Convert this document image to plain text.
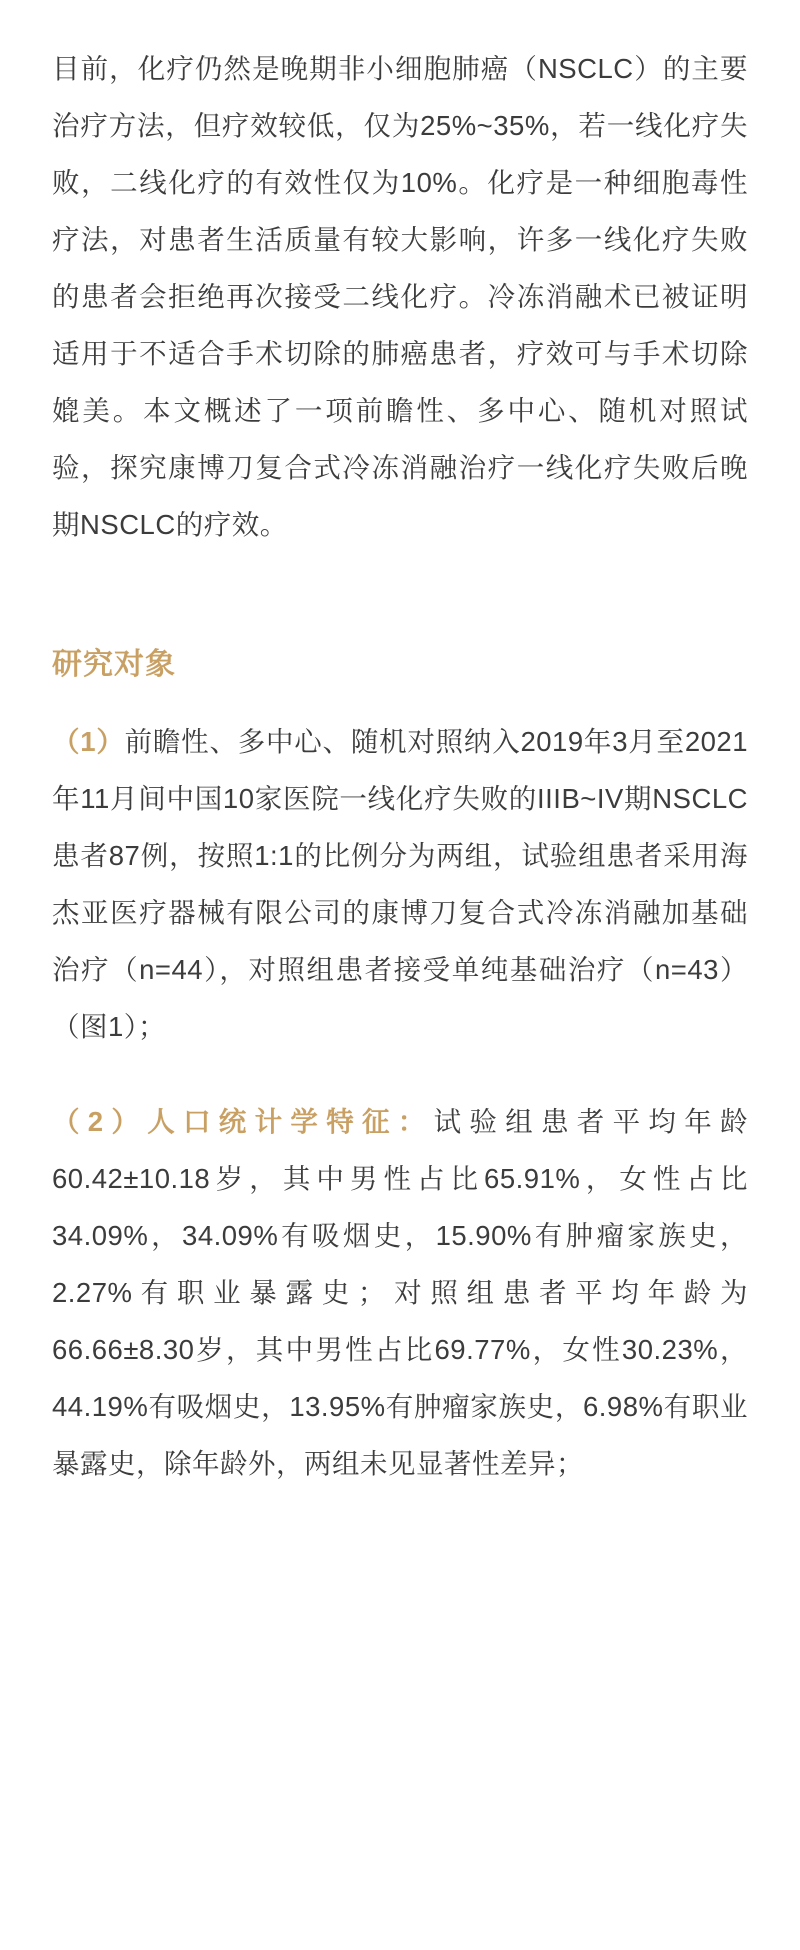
目前，化疗仍然是晚期非小细胞肺癌（NSCLC）的主要治疗方法，但疗效较低，仅为25%~35%，若一线化疗失败，二线化疗的有效性仅为10%。化疗是一种细胞毒性疗法，对患者生活质量有较大影响，许多一线化疗失败的患者会拒绝再次接受二线化疗。冷冻消融术已被证明适用于不适合手术切除的肺癌患者，疗效可与手术切除媲美。本文概述了一项前瞻性、多中心、随机对照试验，探究康博刀复合式冷冻消融治疗一线化疗失败后晚期NSCLC的疗效。

研究对象

（1）前瞻性、多中心、随机对照纳入2019年3月至2021年11月间中国10家医院一线化疗失败的IIIB~IV期NSCLC患者87例，按照1:1的比例分为两组，试验组患者采用海杰亚医疗器械有限公司的康博刀复合式冷冻消融加基础治疗（n=44），对照组患者接受单纯基础治疗（n=43）（图1）；

（2）人口统计学特征：试验组患者平均年龄60.42±10.18岁，其中男性占比65.91%，女性占比34.09%，34.09%有吸烟史，15.90%有肿瘤家族史，2.27%有职业暴露史；对照组患者平均年龄为66.66±8.30岁，其中男性占比69.77%，女性30.23%，44.19%有吸烟史，13.95%有肿瘤家族史，6.98%有职业暴露史，除年龄外，两组未见显著性差异；
